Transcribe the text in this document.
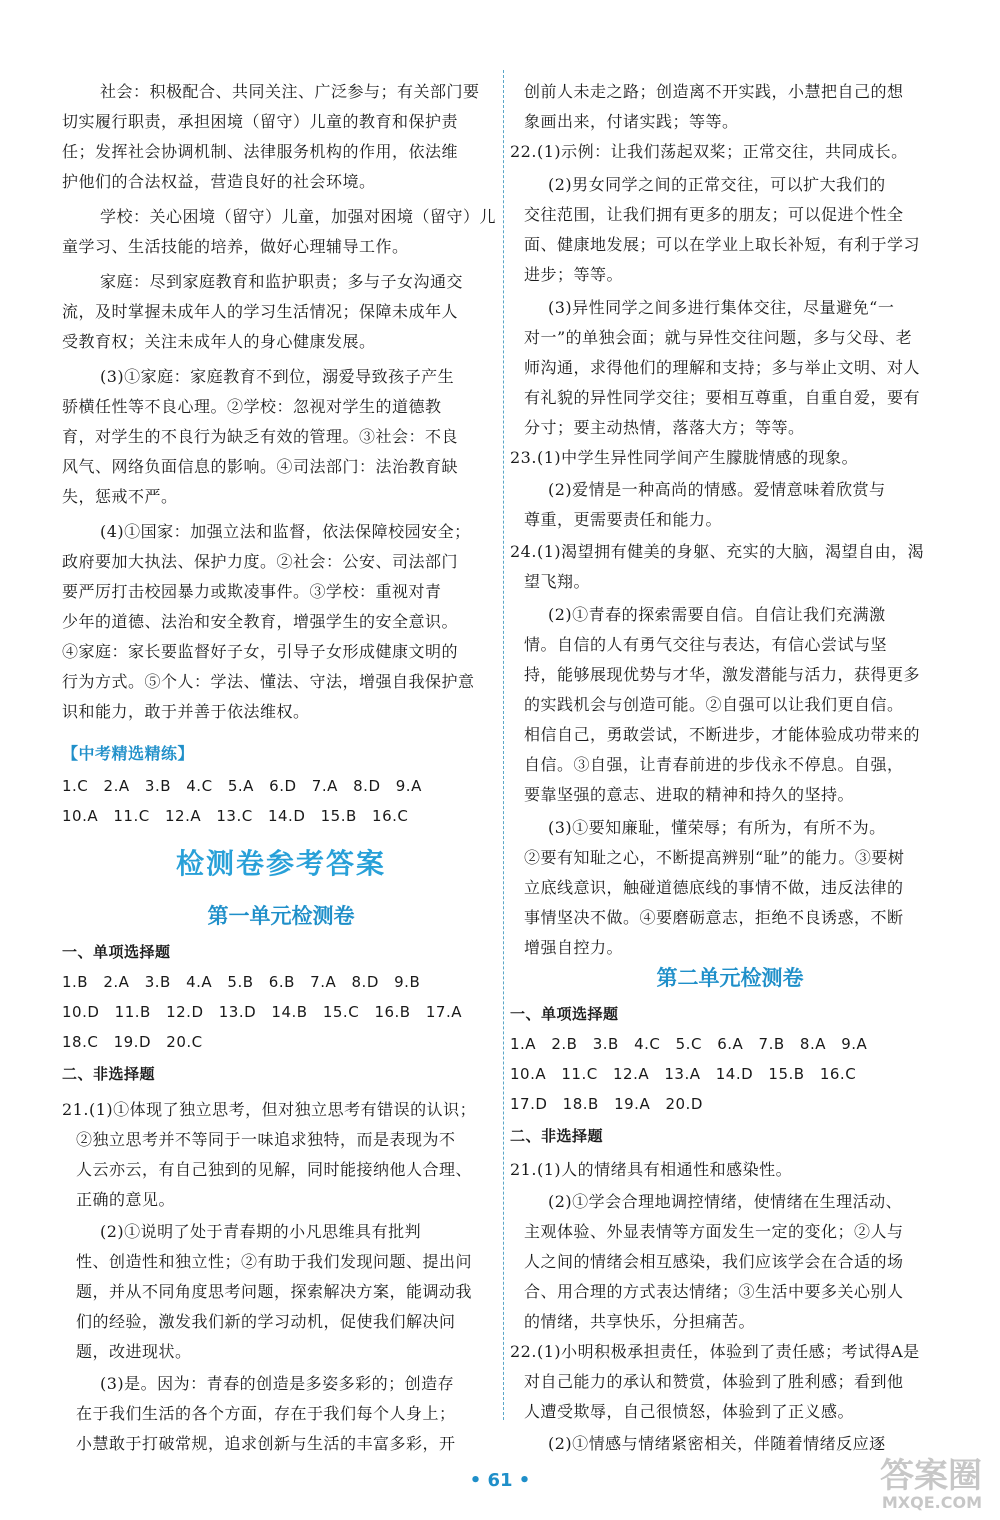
社会：积极配合、共同关注、广泛参与；有关部门要
切实履行职责，承担困境（留守）儿童的教育和保护责
任；发挥社会协调机制、法律服务机构的作用，依法维
护他们的合法权益，营造良好的社会环境。
学校：关心困境（留守）儿童，加强对困境（留守）儿
童学习、生活技能的培养，做好心理辅导工作。
家庭：尽到家庭教育和监护职责；多与子女沟通交
流，及时掌握未成年人的学习生活情况；保障未成年人
受教育权；关注未成年人的身心健康发展。
(3)①家庭：家庭教育不到位，溺爱导致孩子产生
骄横任性等不良心理。②学校：忽视对学生的道德教
育，对学生的不良行为缺乏有效的管理。③社会：不良
风气、网络负面信息的影响。④司法部门：法治教育缺
失，惩戒不严。
(4)①国家：加强立法和监督，依法保障校园安全；
政府要加大执法、保护力度。②社会：公安、司法部门
要严厉打击校园暴力或欺凌事件。③学校：重视对青
少年的道德、法治和安全教育，增强学生的安全意识。
④家庭：家长要监督好子女，引导子女形成健康文明的
行为方式。⑤个人：学法、懂法、守法，增强自我保护意
识和能力，敢于并善于依法维权。
【中考精选精练】
1.C 2.A 3.B 4.C 5.A 6.D 7.A 8.D 9.A
10.A 11.C 12.A 13.C 14.D 15.B 16.C
检测卷参考答案
第一单元检测卷
一、单项选择题
1.B 2.A 3.B 4.A 5.B 6.B 7.A 8.D 9.B
10.D 11.B 12.D 13.D 14.B 15.C 16.B 17.A
18.C 19.D 20.C
二、非选择题
21.(1)①体现了独立思考，但对独立思考有错误的认识；
②独立思考并不等同于一味追求独特，而是表现为不
人云亦云，有自己独到的见解，同时能接纳他人合理、
正确的意见。
(2)①说明了处于青春期的小凡思维具有批判
性、创造性和独立性；②有助于我们发现问题、提出问
题，并从不同角度思考问题，探索解决方案，能调动我
们的经验，激发我们新的学习动机，促使我们解决问
题，改进现状。
(3)是。因为：青春的创造是多姿多彩的；创造存
在于我们生活的各个方面，存在于我们每个人身上；
小慧敢于打破常规，追求创新与生活的丰富多彩，开
创前人未走之路；创造离不开实践，小慧把自己的想
象画出来，付诸实践；等等。
22.(1)示例：让我们荡起双桨；正常交往，共同成长。
(2)男女同学之间的正常交往，可以扩大我们的
交往范围，让我们拥有更多的朋友；可以促进个性全
面、健康地发展；可以在学业上取长补短，有利于学习
进步；等等。
(3)异性同学之间多进行集体交往，尽量避免“一
对一”的单独会面；就与异性交往问题，多与父母、老
师沟通，求得他们的理解和支持；多与举止文明、对人
有礼貌的异性同学交往；要相互尊重，自重自爱，要有
分寸；要主动热情，落落大方；等等。
23.(1)中学生异性同学间产生朦胧情感的现象。
(2)爱情是一种高尚的情感。爱情意味着欣赏与
尊重，更需要责任和能力。
24.(1)渴望拥有健美的身躯、充实的大脑，渴望自由，渴
望飞翔。
(2)①青春的探索需要自信。自信让我们充满激
情。自信的人有勇气交往与表达，有信心尝试与坚
持，能够展现优势与才华，激发潜能与活力，获得更多
的实践机会与创造可能。②自强可以让我们更自信。
相信自己，勇敢尝试，不断进步，才能体验成功带来的
自信。③自强，让青春前进的步伐永不停息。自强，
要靠坚强的意志、进取的精神和持久的坚持。
(3)①要知廉耻，懂荣辱；有所为，有所不为。
②要有知耻之心，不断提高辨别“耻”的能力。③要树
立底线意识，触碰道德底线的事情不做，违反法律的
事情坚决不做。④要磨砺意志，拒绝不良诱惑，不断
增强自控力。
第二单元检测卷
一、单项选择题
1.A 2.B 3.B 4.C 5.C 6.A 7.B 8.A 9.A
10.A 11.C 12.A 13.A 14.D 15.B 16.C
17.D 18.B 19.A 20.D
二、非选择题
21.(1)人的情绪具有相通性和感染性。
(2)①学会合理地调控情绪，使情绪在生理活动、
主观体验、外显表情等方面发生一定的变化；②人与
人之间的情绪会相互感染，我们应该学会在合适的场
合、用合理的方式表达情绪；③生活中要多关心别人
的情绪，共享快乐，分担痛苦。
22.(1)小明积极承担责任，体验到了责任感；考试得A是
对自己能力的承认和赞赏，体验到了胜利感；看到他
人遭受欺辱，自己很愤怒，体验到了正义感。
(2)①情感与情绪紧密相关，伴随着情绪反应逐
• 61 •	答案圈
MXQE.COM
